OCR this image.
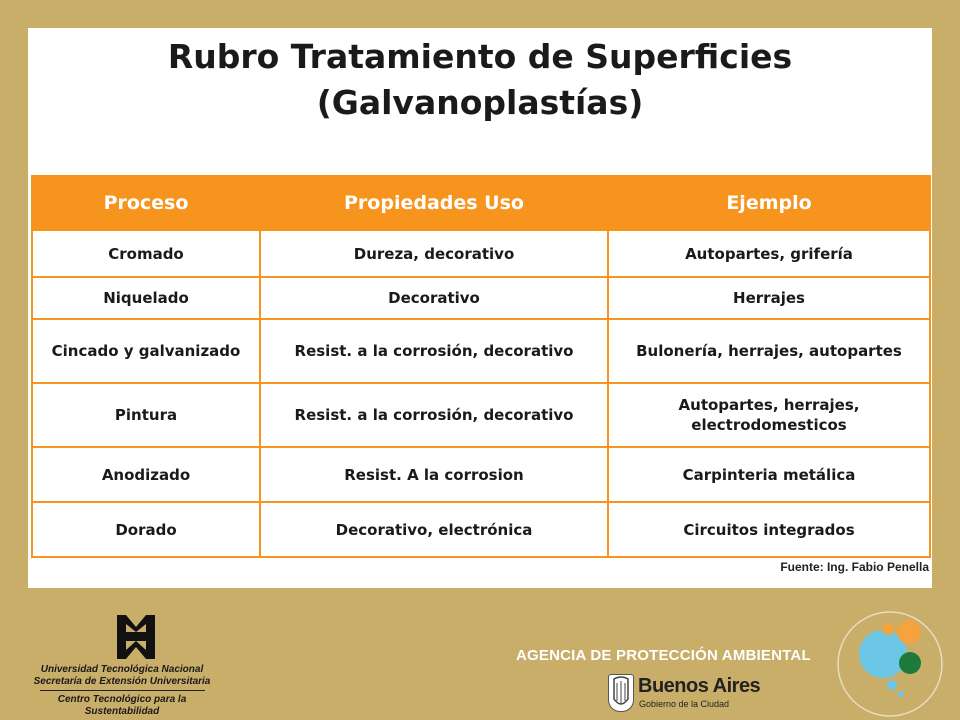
Rubro Tratamiento de Superficies
(Galvanoplastías)
Proceso	Propiedades Uso	Ejemplo
Cromado	Dureza, decorativo	Autopartes, grifería
Niquelado	Decorativo	Herrajes
Cincado y galvanizado	Resist. a la corrosión, decorativo	Bulonería, herrajes, autopartes
Pintura	Resist. a la corrosión, decorativo	Autopartes, herrajes, electrodomesticos
Anodizado	Resist. A la corrosion	Carpinteria metálica
Dorado	Decorativo, electrónica	Circuitos integrados
Fuente: Ing. Fabio Penella
Universidad Tecnológica Nacional
Secretaría de Extensión Universitaria
Centro Tecnológico para la Sustentabilidad
AGENCIA DE PROTECCIÓN AMBIENTAL
Buenos Aires
Gobierno de la Ciudad
